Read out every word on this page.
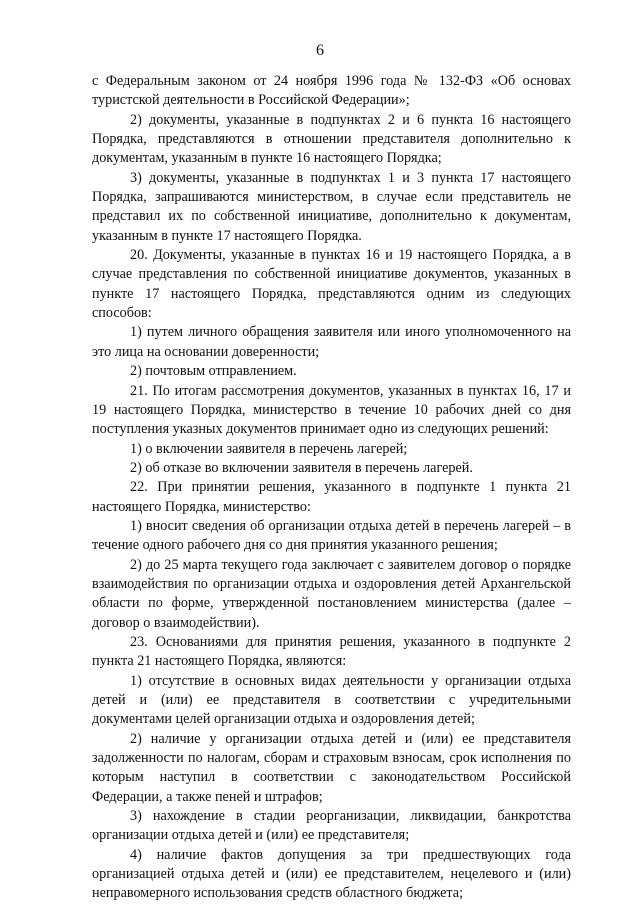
6

с Федеральным законом от 24 ноября 1996 года № 132-ФЗ «Об основах туристской деятельности в Российской Федерации»;

2) документы, указанные в подпунктах 2 и 6 пункта 16 настоящего Порядка, представляются в отношении представителя дополнительно к документам, указанным в пункте 16 настоящего Порядка;

3) документы, указанные в подпунктах 1 и 3 пункта 17 настоящего Порядка, запрашиваются министерством, в случае если представитель не представил их по собственной инициативе, дополнительно к документам, указанным в пункте 17 настоящего Порядка.

20. Документы, указанные в пунктах 16 и 19 настоящего Порядка, а в случае представления по собственной инициативе документов, указанных в пункте 17 настоящего Порядка, представляются одним из следующих способов:

1) путем личного обращения заявителя или иного уполномоченного на это лица на основании доверенности;

2) почтовым отправлением.

21. По итогам рассмотрения документов, указанных в пунктах 16, 17 и 19 настоящего Порядка, министерство в течение 10 рабочих дней со дня поступления указных документов принимает одно из следующих решений:

1) о включении заявителя в перечень лагерей;

2) об отказе во включении заявителя в перечень лагерей.

22. При принятии решения, указанного в подпункте 1 пункта 21 настоящего Порядка, министерство:

1) вносит сведения об организации отдыха детей в перечень лагерей – в течение одного рабочего дня со дня принятия указанного решения;

2) до 25 марта текущего года заключает с заявителем договор о порядке взаимодействия по организации отдыха и оздоровления детей Архангельской области по форме, утвержденной постановлением министерства (далее – договор о взаимодействии).

23. Основаниями для принятия решения, указанного в подпункте 2 пункта 21 настоящего Порядка, являются:

1) отсутствие в основных видах деятельности у организации отдыха детей и (или) ее представителя в соответствии с учредительными документами целей организации отдыха и оздоровления детей;

2) наличие у организации отдыха детей и (или) ее представителя задолженности по налогам, сборам и страховым взносам, срок исполнения по которым наступил в соответствии с законодательством Российской Федерации, а также пеней и штрафов;

3) нахождение в стадии реорганизации, ликвидации, банкротства организации отдыха детей и (или) ее представителя;

4) наличие фактов допущения за три предшествующих года организацией отдыха детей и (или) ее представителем, нецелевого и (или) неправомерного использования средств областного бюджета;
